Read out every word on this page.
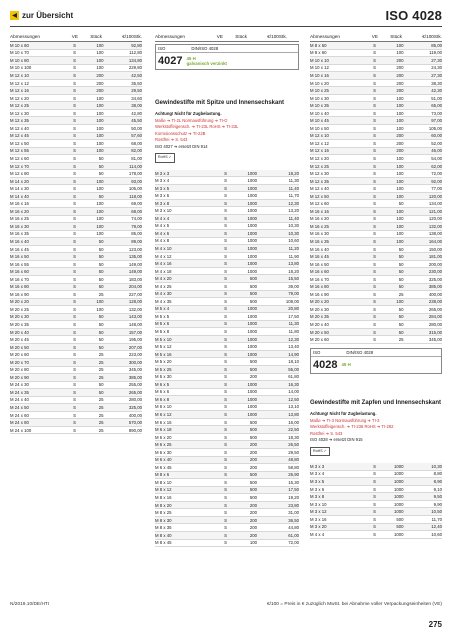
◀ zur Übersicht	ISO 4028
Abmessungen	VE	Stück	€/100Stk.
M 10 x 60	S	100	92,80
M 10 x 70	S	100	112,80
M 10 x 80	S	100	134,80
M 10 x 100	S	100	229,80
M 12 x 10	S	200	42,50
M 12 x 12	S	200	35,50
M 12 x 16	S	200	29,50
M 12 x 20	S	100	34,60
M 12 x 25	S	100	38,00
M 12 x 30	S	100	42,80
M 12 x 35	S	100	45,50
M 12 x 40	S	100	50,00
M 12 x 45	S	100	57,60
M 12 x 50	S	100	68,00
M 12 x 55	S	100	82,00
M 12 x 60	S	50	81,00
M 12 x 70	S	50	114,00
M 12 x 80	S	50	178,00
M 14 x 20	S	100	93,00
M 14 x 30	S	100	105,00
M 14 x 40	S	50	118,00
M 16 x 16	S	100	69,00
M 16 x 20	S	100	68,00
M 16 x 25	S	100	74,00
M 16 x 30	S	100	79,00
M 16 x 35	S	100	85,00
M 16 x 40	S	50	89,00
M 16 x 45	S	50	123,00
M 16 x 50	S	50	135,00
M 16 x 55	S	50	149,00
M 16 x 60	S	50	149,00
M 16 x 70	S	50	183,00
M 16 x 80	S	50	204,00
M 16 x 90	S	25	227,00
M 20 x 20	S	100	128,00
M 20 x 25	S	100	132,00
M 20 x 30	S	50	143,00
M 20 x 35	S	50	148,00
M 20 x 40	S	50	157,00
M 20 x 45	S	50	195,00
M 20 x 50	S	50	207,00
M 20 x 60	S	25	223,00
M 20 x 70	S	25	300,00
M 20 x 80	S	25	345,00
M 20 x 90	S	25	385,00
M 24 x 30	S	50	255,00
M 24 x 35	S	50	265,00
M 24 x 40	S	25	280,00
M 24 x 50	S	25	325,00
M 24 x 60	S	25	400,00
M 24 x 80	S	25	570,00
M 24 x 100	S	25	890,00
Abmessungen	VE	Stück	€/100Stk.
ISO	DIN/ISO 4028
4027 45 H
galvanisch verzinkt
Gewindestifte mit Spitze und Innensechskant
Achtung! Nicht für Zugbelastung.
Maße ➔ TI-2L Normausführung ➔ TI-G
Werkstoffeigensch. ➔ TI-23L RoHS ➔ TI-33L
Korrosionsschutz ➔ TI-22B
Rostfrei ➔ S. 543
ISO 4027 ➔ ersetzt DIN 914
RoHS ✓
M 3 x 3	S	1000	18,20
M 3 x 4	S	1000	11,30
M 3 x 5	S	1000	11,40
M 3 x 6	S	1000	11,70
M 3 x 8	S	1000	12,30
M 3 x 10	S	1000	13,20
M 4 x 4	S	1000	11,40
M 4 x 5	S	1000	10,30
M 4 x 6	S	1000	10,30
M 4 x 8	S	1000	10,60
M 4 x 10	S	1000	11,20
M 4 x 12	S	1000	11,90
M 4 x 16	S	1000	13,80
M 4 x 18	S	1000	18,20
M 4 x 20	S	500	15,50
M 4 x 25	S	500	39,00
M 4 x 30	S	500	79,00
M 4 x 35	S	500	108,00
M 5 x 4	S	1000	20,80
M 5 x 5	S	1000	17,50
M 5 x 6	S	1000	11,30
M 5 x 8	S	1000	11,80
M 5 x 10	S	1000	12,30
M 5 x 12	S	1000	13,40
M 5 x 16	S	1000	14,90
M 5 x 20	S	500	18,10
M 5 x 25	S	500	55,00
M 5 x 30	S	200	61,80
M 6 x 5	S	1000	16,30
M 6 x 6	S	1000	14,00
M 6 x 8	S	1000	12,50
M 6 x 10	S	1000	13,10
M 6 x 12	S	1000	13,80
M 6 x 16	S	500	16,00
M 6 x 18	S	500	22,50
M 6 x 20	S	500	18,30
M 6 x 25	S	200	26,50
M 6 x 30	S	200	29,50
M 6 x 40	S	200	48,80
M 6 x 45	S	200	58,80
M 8 x 6	S	500	26,90
M 8 x 10	S	500	15,30
M 8 x 12	S	500	17,50
M 8 x 16	S	500	19,20
M 8 x 20	S	200	23,80
M 8 x 25	S	200	31,00
M 8 x 30	S	200	36,50
M 8 x 35	S	200	44,80
M 8 x 40	S	200	61,00
M 8 x 45	S	100	72,00
Abmessungen	VE	Stück	€/100Stk.
M 8 x 50	S	100	85,00
M 8 x 60	S	100	119,00
M 10 x 10	S	200	27,30
M 10 x 12	S	200	24,30
M 10 x 16	S	200	27,30
M 10 x 20	S	200	38,30
M 10 x 25	S	200	42,30
M 10 x 30	S	100	51,00
M 10 x 35	S	100	65,00
M 10 x 40	S	100	73,00
M 10 x 45	S	100	97,00
M 10 x 50	S	100	105,00
M 12 x 10	S	200	60,00
M 12 x 12	S	200	52,00
M 12 x 16	S	200	46,00
M 12 x 20	S	100	54,00
M 12 x 25	S	100	62,00
M 12 x 30	S	100	72,00
M 12 x 35	S	100	92,00
M 12 x 40	S	100	77,00
M 12 x 50	S	100	120,00
M 12 x 60	S	50	134,00
M 16 x 16	S	100	121,00
M 16 x 20	S	100	120,00
M 16 x 25	S	100	132,00
M 16 x 30	S	100	138,00
M 16 x 35	S	100	164,00
M 16 x 40	S	50	150,00
M 16 x 45	S	50	181,00
M 16 x 50	S	50	200,00
M 16 x 60	S	50	230,00
M 16 x 70	S	50	325,00
M 16 x 80	S	50	385,00
M 16 x 90	S	25	400,00
M 20 x 20	S	100	238,00
M 20 x 30	S	50	265,00
M 20 x 35	S	50	284,00
M 20 x 40	S	50	280,00
M 20 x 50	S	50	315,00
M 20 x 60	S	25	345,00
ISO	DIN/ISO 4028
4028 45 H
Gewindestifte mit Zapfen und Innensechskant
Achtung! Nicht für Zugbelastung.
Maße ➔ TI-3 Normausführung ➔ TI-3
Werkstoffeigensch. ➔ TI-236 RoHS ➔ TI-282
Rostfrei ➔ S. 543
ISO 4028 ➔ ersetzt DIN 915
RoHS ✓
M 3 x 3	S	1000	10,30
M 3 x 4	S	1000	8,80
M 3 x 5	S	1000	8,90
M 3 x 6	S	1000	9,10
M 3 x 8	S	1000	9,50
M 3 x 10	S	1000	9,90
M 3 x 12	S	1000	10,50
M 3 x 16	S	500	11,70
M 3 x 20	S	500	12,40
M 4 x 4	S	1000	10,60
N/2019.10/DE/HTI	€/100 = Preis in € zuzüglich MwSt. bei Abnahme voller Verpackungseinheiten (VE)
275
